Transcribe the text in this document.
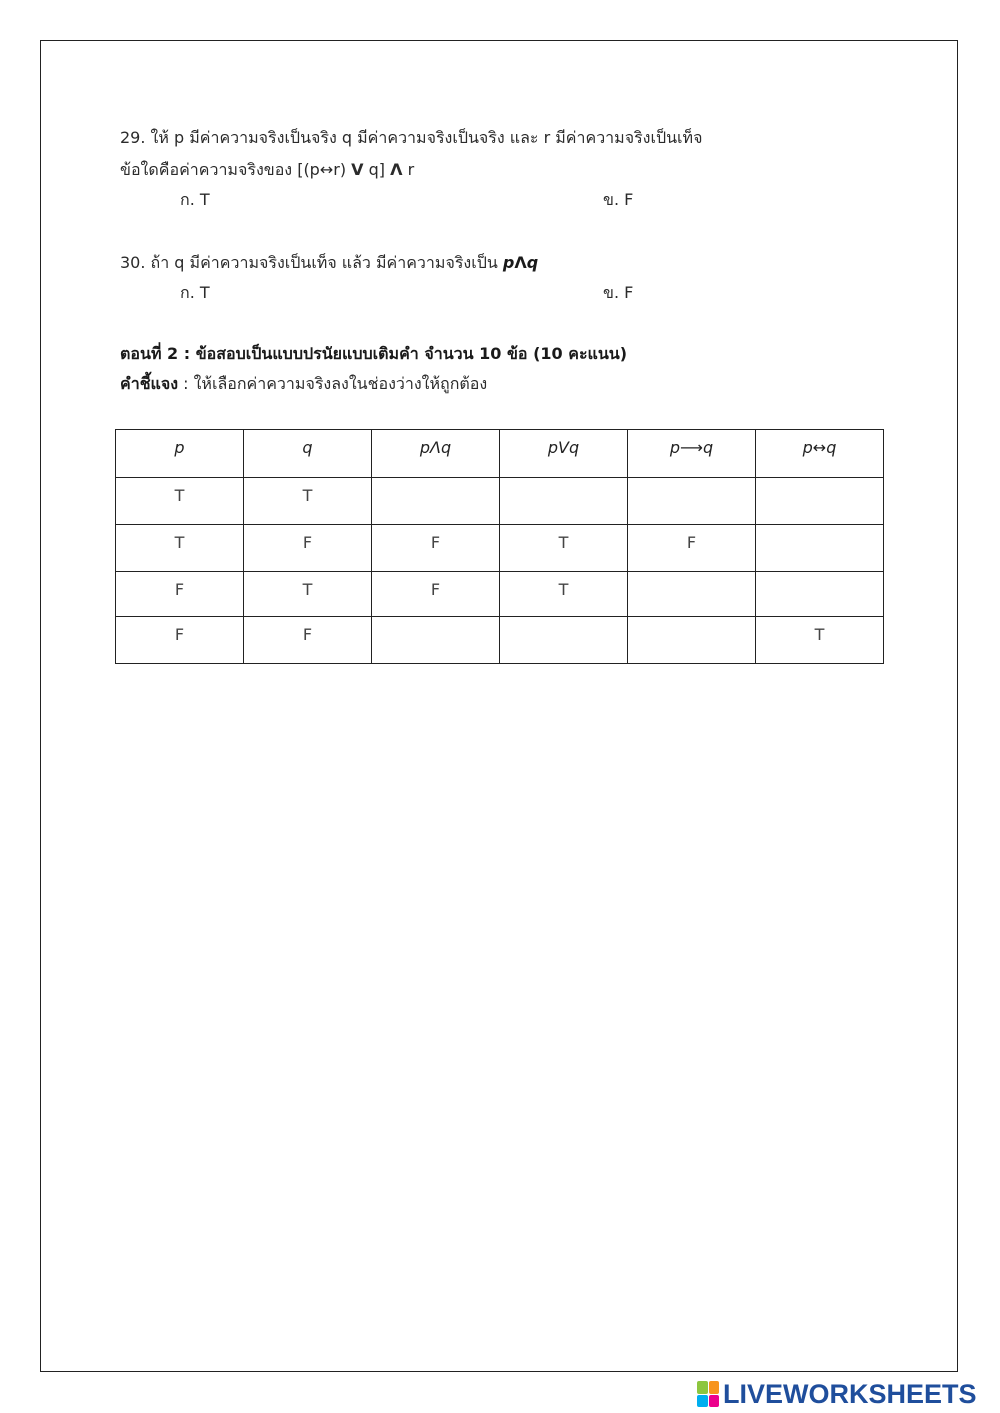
29. ให้ p มีค่าความจริงเป็นจริง q มีค่าความจริงเป็นจริง และ r มีค่าความจริงเป็นเท็จ
ข้อใดคือค่าความจริงของ [(p↔r) V q] Λ r
ก. T	ข. F
30. ถ้า q มีค่าความจริงเป็นเท็จ แล้ว มีค่าความจริงเป็น pΛq
ก. T	ข. F
ตอนที่ 2 : ข้อสอบเป็นแบบปรนัยแบบเติมคำ จำนวน 10 ข้อ (10 คะแนน)
คำชี้แจง : ให้เลือกค่าความจริงลงในช่องว่างให้ถูกต้อง
p	q	pΛq	pVq	p⟶q	p↔q
T	T				
T	F	F	T	F	
F	T	F	T		
F	F				T
LIVEWORKSHEETS
